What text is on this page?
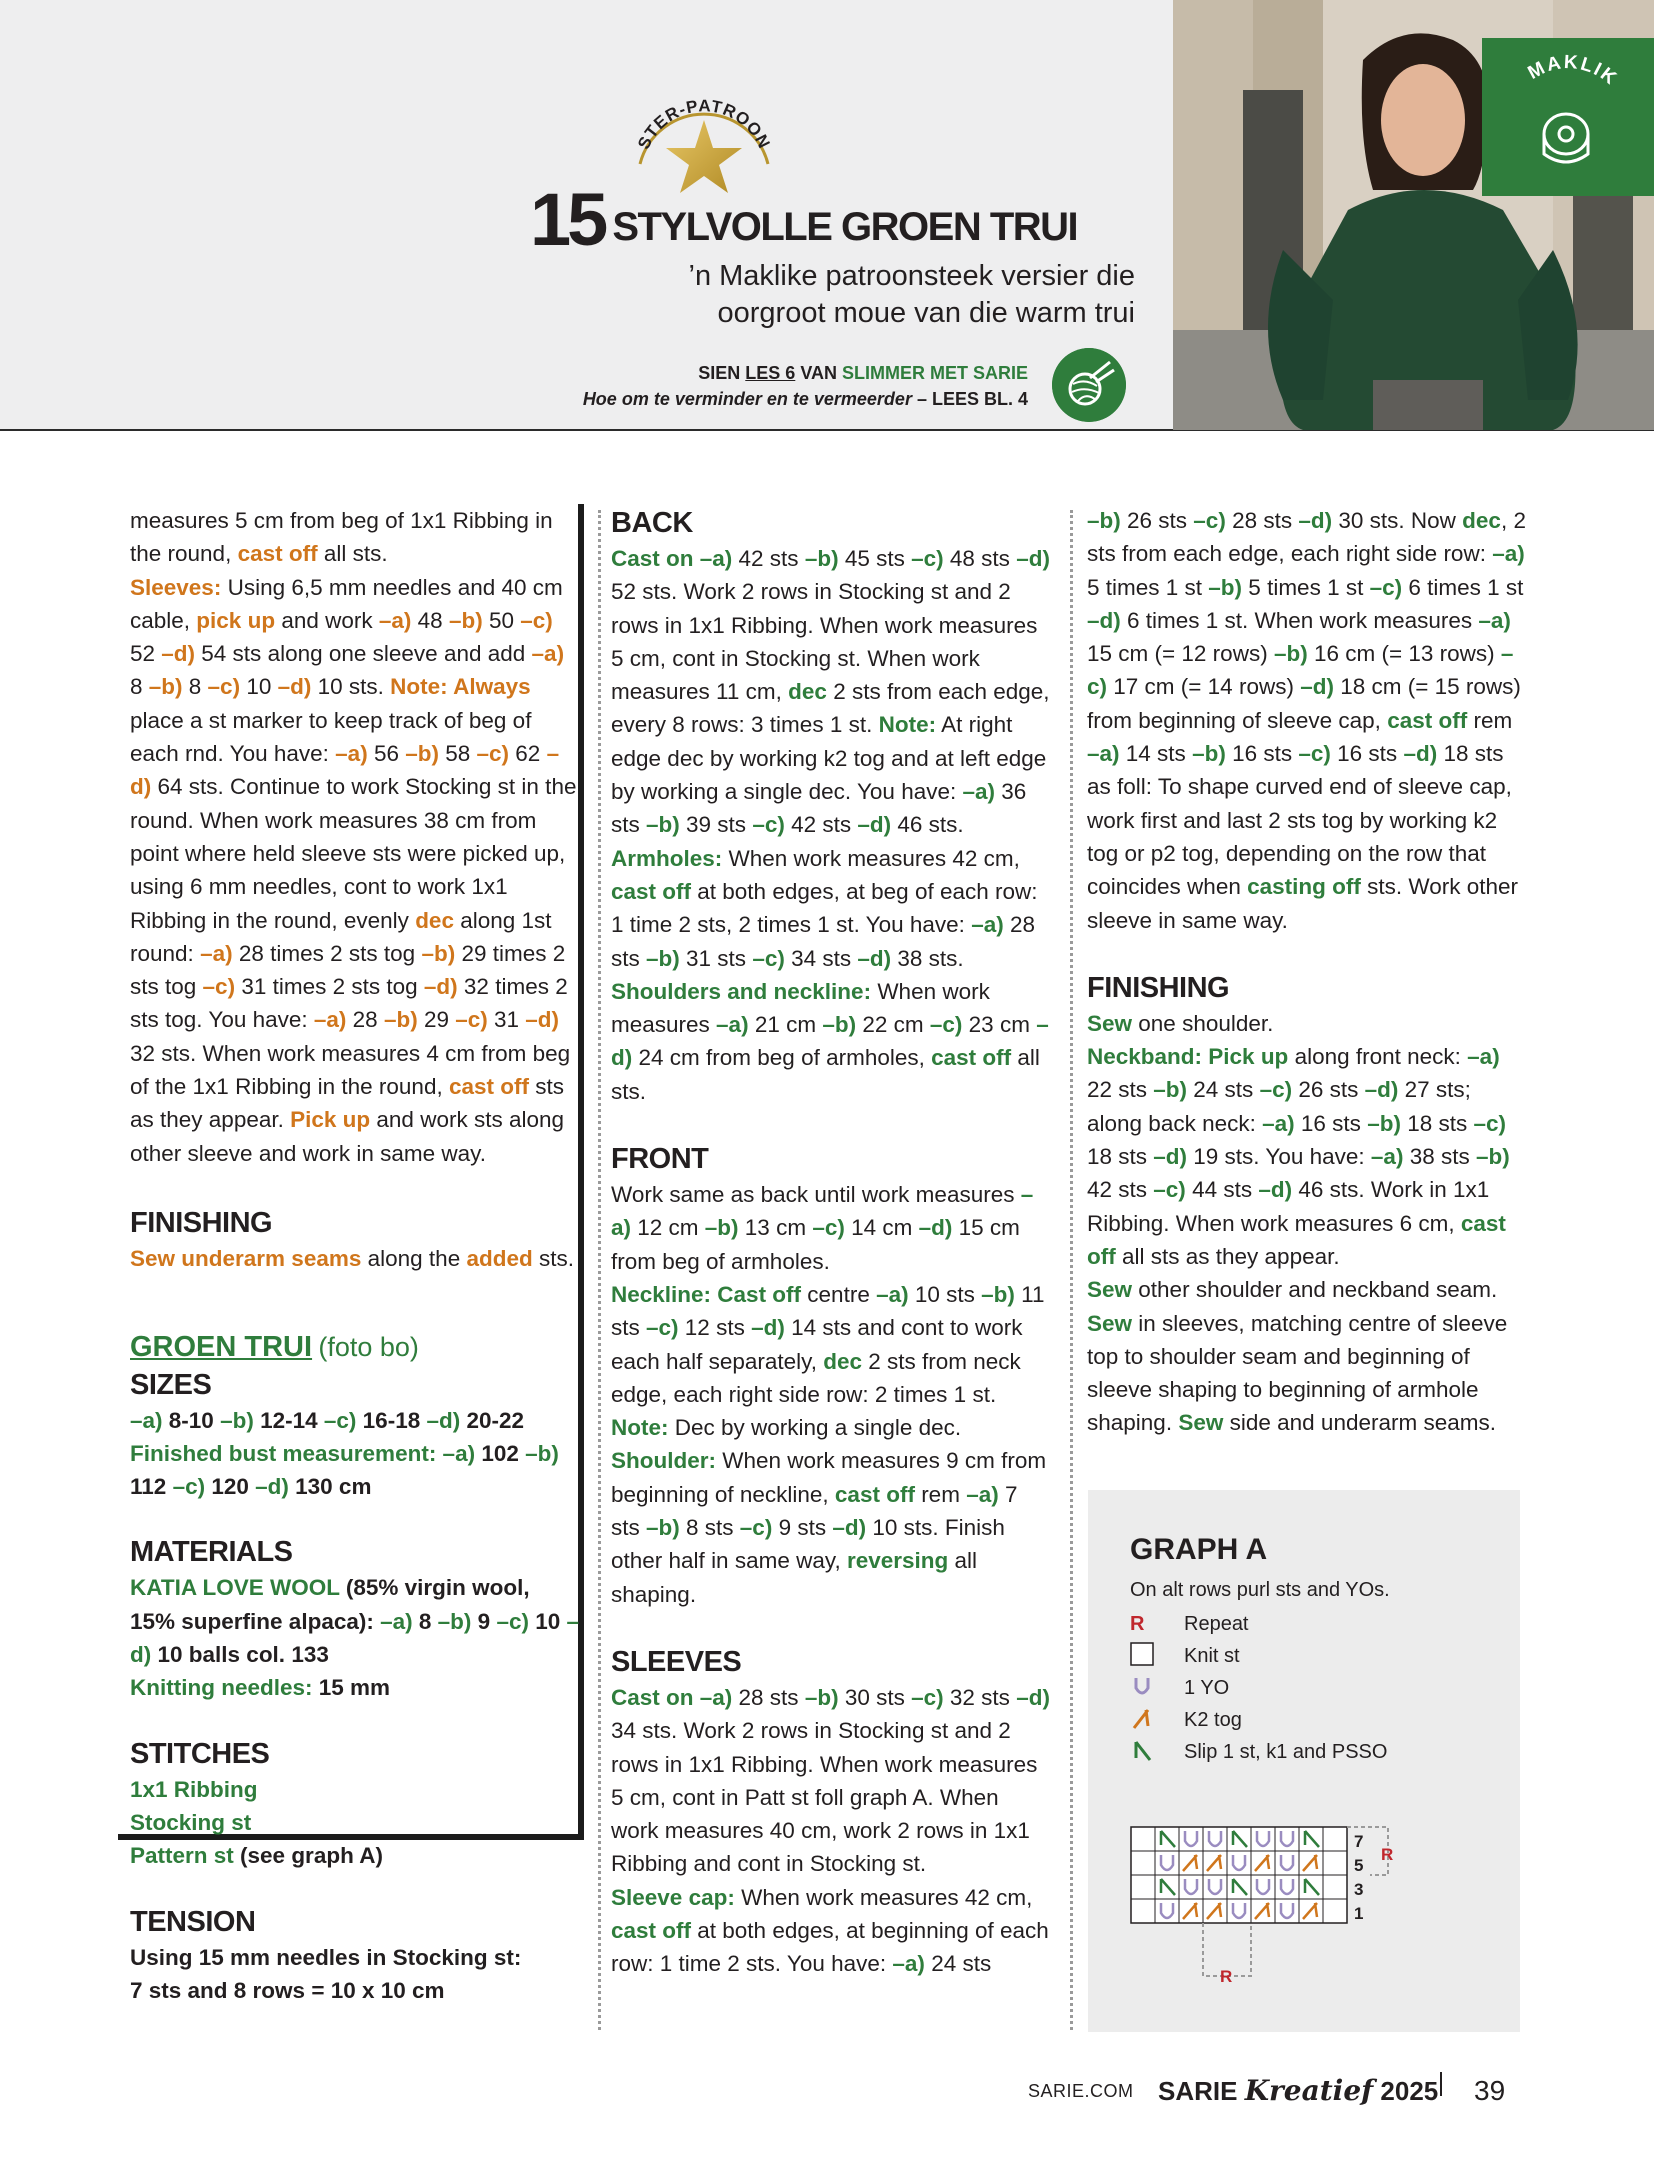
STER-PATROON
15 STYLVOLLE GROEN TRUI
’n Maklike patroonsteek versier die
oorgroot moue van die warm trui
SIEN LES 6 VAN SLIMMER MET SARIE
Hoe om te verminder en te vermeerder – LEES BL. 4
MAKLIK

measures 5 cm from beg of 1x1 Ribbing in the round, cast off all sts.
Sleeves: Using 6,5 mm needles and 40 cm cable, pick up and work –a) 48 –b) 50 –c) 52 –d) 54 sts along one sleeve and add –a) 8 –b) 8 –c) 10 –d) 10 sts. Note: Always place a st marker to keep track of beg of each rnd. You have: –a) 56 –b) 58 –c) 62 –d) 64 sts. Continue to work Stocking st in the round. When work measures 38 cm from point where held sleeve sts were picked up, using 6 mm needles, cont to work 1x1 Ribbing in the round, evenly dec along 1st round: –a) 28 times 2 sts tog –b) 29 times 2 sts tog –c) 31 times 2 sts tog –d) 32 times 2 sts tog. You have: –a) 28 –b) 29 –c) 31 –d) 32 sts. When work measures 4 cm from beg of the 1x1 Ribbing in the round, cast off sts as they appear. Pick up and work sts along other sleeve and work in same way.

FINISHING

Sew underarm seams along the added sts.

GROEN TRUI (foto bo)
SIZES

–a) 8-10 –b) 12-14 –c) 16-18 –d) 20-22
Finished bust measurement: –a) 102 –b) 112 –c) 120 –d) 130 cm

MATERIALS

KATIA LOVE WOOL (85% virgin wool, 15% superfine alpaca): –a) 8 –b) 9 –c) 10 –d) 10 balls col. 133
Knitting needles: 15 mm

STITCHES

1x1 Ribbing
Stocking st
Pattern st (see graph A)

TENSION

Using 15 mm needles in Stocking st:
7 sts and 8 rows = 10 x 10 cm

BACK

Cast on –a) 42 sts –b) 45 sts –c) 48 sts –d) 52 sts. Work 2 rows in Stocking st and 2 rows in 1x1 Ribbing. When work measures 5 cm, cont in Stocking st. When work measures 11 cm, dec 2 sts from each edge, every 8 rows: 3 times 1 st. Note: At right edge dec by working k2 tog and at left edge by working a single dec. You have: –a) 36 sts –b) 39 sts –c) 42 sts –d) 46 sts.
Armholes: When work measures 42 cm, cast off at both edges, at beg of each row: 1 time 2 sts, 2 times 1 st. You have: –a) 28 sts –b) 31 sts –c) 34 sts –d) 38 sts.
Shoulders and neckline: When work measures –a) 21 cm –b) 22 cm –c) 23 cm –d) 24 cm from beg of armholes, cast off all sts.

FRONT

Work same as back until work measures –a) 12 cm –b) 13 cm –c) 14 cm –d) 15 cm from beg of armholes.
Neckline: Cast off centre –a) 10 sts –b) 11 sts –c) 12 sts –d) 14 sts and cont to work each half separately, dec 2 sts from neck edge, each right side row: 2 times 1 st. Note: Dec by working a single dec.
Shoulder: When work measures 9 cm from beginning of neckline, cast off rem –a) 7 sts –b) 8 sts –c) 9 sts –d) 10 sts. Finish other half in same way, reversing all shaping.

SLEEVES

Cast on –a) 28 sts –b) 30 sts –c) 32 sts –d) 34 sts. Work 2 rows in Stocking st and 2 rows in 1x1 Ribbing. When work measures 5 cm, cont in Patt st foll graph A. When work measures 40 cm, work 2 rows in 1x1 Ribbing and cont in Stocking st.
Sleeve cap: When work measures 42 cm, cast off at both edges, at beginning of each row: 1 time 2 sts. You have: –a) 24 sts

–b) 26 sts –c) 28 sts –d) 30 sts. Now dec, 2 sts from each edge, each right side row: –a) 5 times 1 st –b) 5 times 1 st –c) 6 times 1 st –d) 6 times 1 st. When work measures –a) 15 cm (= 12 rows) –b) 16 cm (= 13 rows) –c) 17 cm (= 14 rows) –d) 18 cm (= 15 rows) from beginning of sleeve cap, cast off rem –a) 14 sts –b) 16 sts –c) 16 sts –d) 18 sts as foll: To shape curved end of sleeve cap, work first and last 2 sts tog by working k2 tog or p2 tog, depending on the row that coincides when casting off sts. Work other sleeve in same way.

FINISHING

Sew one shoulder.
Neckband: Pick up along front neck: –a) 22 sts –b) 24 sts –c) 26 sts –d) 27 sts; along back neck: –a) 16 sts –b) 18 sts –c) 18 sts –d) 19 sts. You have: –a) 38 sts –b) 42 sts –c) 44 sts –d) 46 sts. Work in 1x1 Ribbing. When work measures 6 cm, cast off all sts as they appear.
Sew other shoulder and neckband seam.
Sew in sleeves, matching centre of sleeve top to shoulder seam and beginning of sleeve shaping to beginning of armhole shaping. Sew side and underarm seams.

GRAPH A
On alt rows purl sts and YOs.
R Repeat
Knit st
1 YO
K2 tog
Slip 1 st, k1 and PSSO
7
5
3
1
R
R
SARIE.COM SARIE Kreatief 2025 39
